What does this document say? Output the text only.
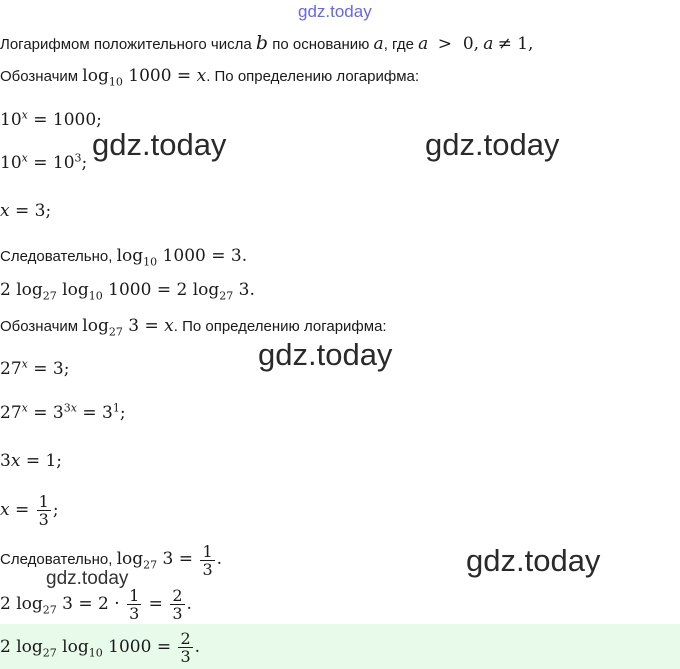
gdz.today
gdz.today	gdz.today
gdz.today
gdz.today
gdz.today
Логарифмом положительного числа b по основанию a, где a  >  0, a ≠ 1,
Обозначим $\log_{10} 1000 = x$. По определению логарифма:
$10^x = 1000$;
$10^x = 10^3$;
x = 3;
Следовательно, $\log_{10} 1000 = 3$.
2 $\log_{27} \log_{10} 1000 = 2$ $\log_{27} 3$.
Обозначим $\log_{27} 3 = x$. По определению логарифма:
$27^x = 3$;
$27^x = 3^{3x} = 3^1$;
3x = 1;
$x = \frac{1}{3}$ ;
Следовательно, $\log_{27} 3 = \frac{1}{3}$ .
2 $\log_{27} 3 = 2 \cdot \frac{1}{3} = \frac{2}{3}$ .
2 $\log_{27} \log_{10} 1000 = \frac{2}{3}$ .
